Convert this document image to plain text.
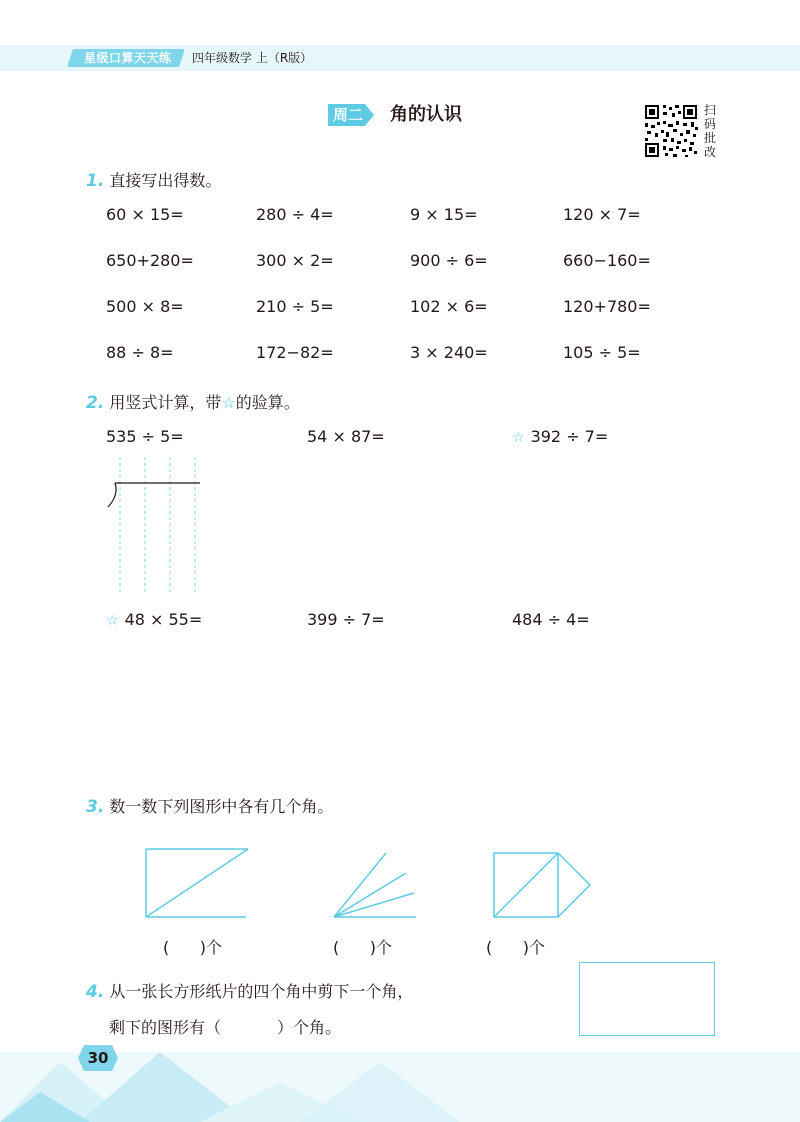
星级口算天天练 四年级数学 上（R版）
周二 角的认识	扫
码
批
改
1. 直接写出得数。
60 × 15=	280 ÷ 4=	9 × 15=	120 × 7=
650+280=	300 × 2=	900 ÷ 6=	660−160=
500 × 8=	210 ÷ 5=	102 × 6=	120+780=
88 ÷ 8=	172−82=	3 × 240=	105 ÷ 5=
2. 用竖式计算，带☆的验算。
535 ÷ 5=	54 × 87=	☆ 392 ÷ 7=
☆ 48 × 55=	399 ÷ 7=	484 ÷ 4=
3. 数一数下列图形中各有几个角。
(      )个	(      )个	(      )个
4. 从一张长方形纸片的四个角中剪下一个角，
剩下的图形有（           ）个角。
30
